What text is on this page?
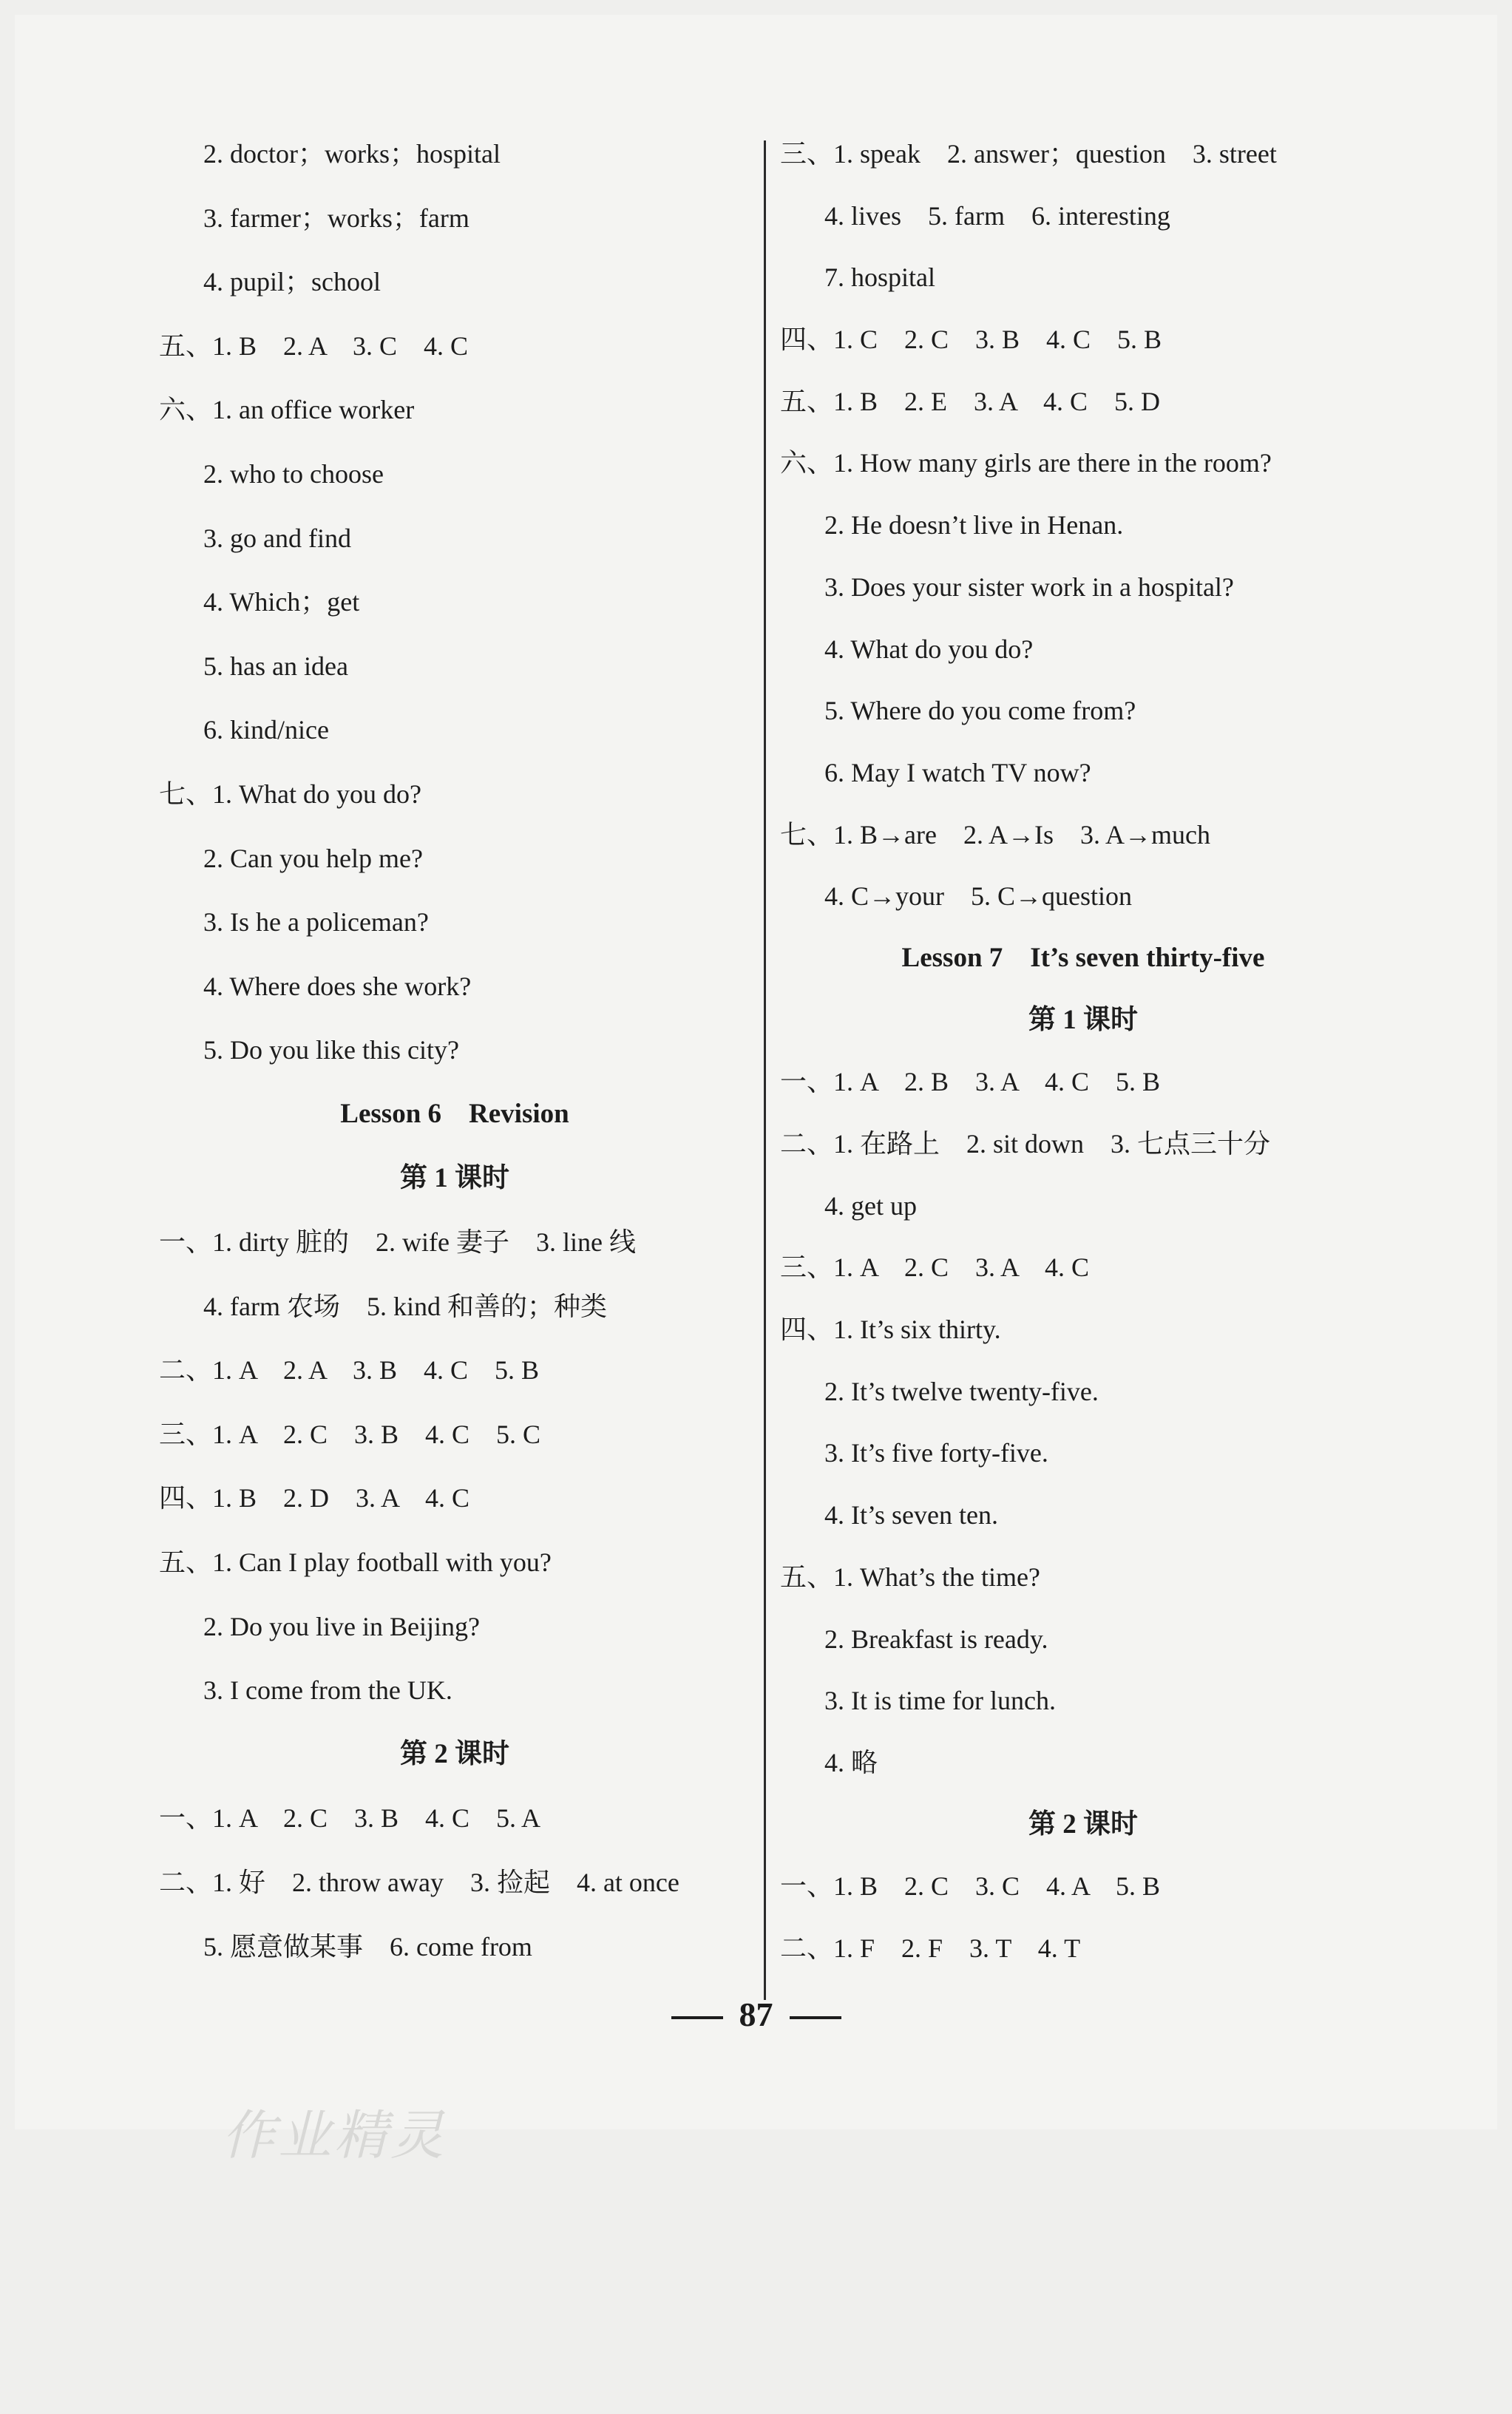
2. doctor；works；hospital
3. farmer；works；farm
4. pupil；school
五、1. B　2. A　3. C　4. C
六、1. an office worker
2. who to choose
3. go and find
4. Which；get
5. has an idea
6. kind/nice
七、1. What do you do?
2. Can you help me?
3. Is he a policeman?
4. Where does she work?
5. Do you like this city?
Lesson 6　Revision
第 1 课时
一、1. dirty 脏的　2. wife 妻子　3. line 线
4. farm 农场　5. kind 和善的；种类
二、1. A　2. A　3. B　4. C　5. B
三、1. A　2. C　3. B　4. C　5. C
四、1. B　2. D　3. A　4. C
五、1. Can I play football with you?
2. Do you live in Beijing?
3. I come from the UK.
第 2 课时
一、1. A　2. C　3. B　4. C　5. A
二、1. 好　2. throw away　3. 捡起　4. at once
5. 愿意做某事　6. come from
三、1. speak　2. answer；question　3. street
4. lives　5. farm　6. interesting
7. hospital
四、1. C　2. C　3. B　4. C　5. B
五、1. B　2. E　3. A　4. C　5. D
六、1. How many girls are there in the room?
2. He doesn’t live in Henan.
3. Does your sister work in a hospital?
4. What do you do?
5. Where do you come from?
6. May I watch TV now?
七、1. B→are　2. A→Is　3. A→much
4. C→your　5. C→question
Lesson 7　It’s seven thirty-five
第 1 课时
一、1. A　2. B　3. A　4. C　5. B
二、1. 在路上　2. sit down　3. 七点三十分
4. get up
三、1. A　2. C　3. A　4. C
四、1. It’s six thirty.
2. It’s twelve twenty-five.
3. It’s five forty-five.
4. It’s seven ten.
五、1. What’s the time?
2. Breakfast is ready.
3. It is time for lunch.
4. 略
第 2 课时
一、1. B　2. C　3. C　4. A　5. B
二、1. F　2. F　3. T　4. T
87
作业精灵
